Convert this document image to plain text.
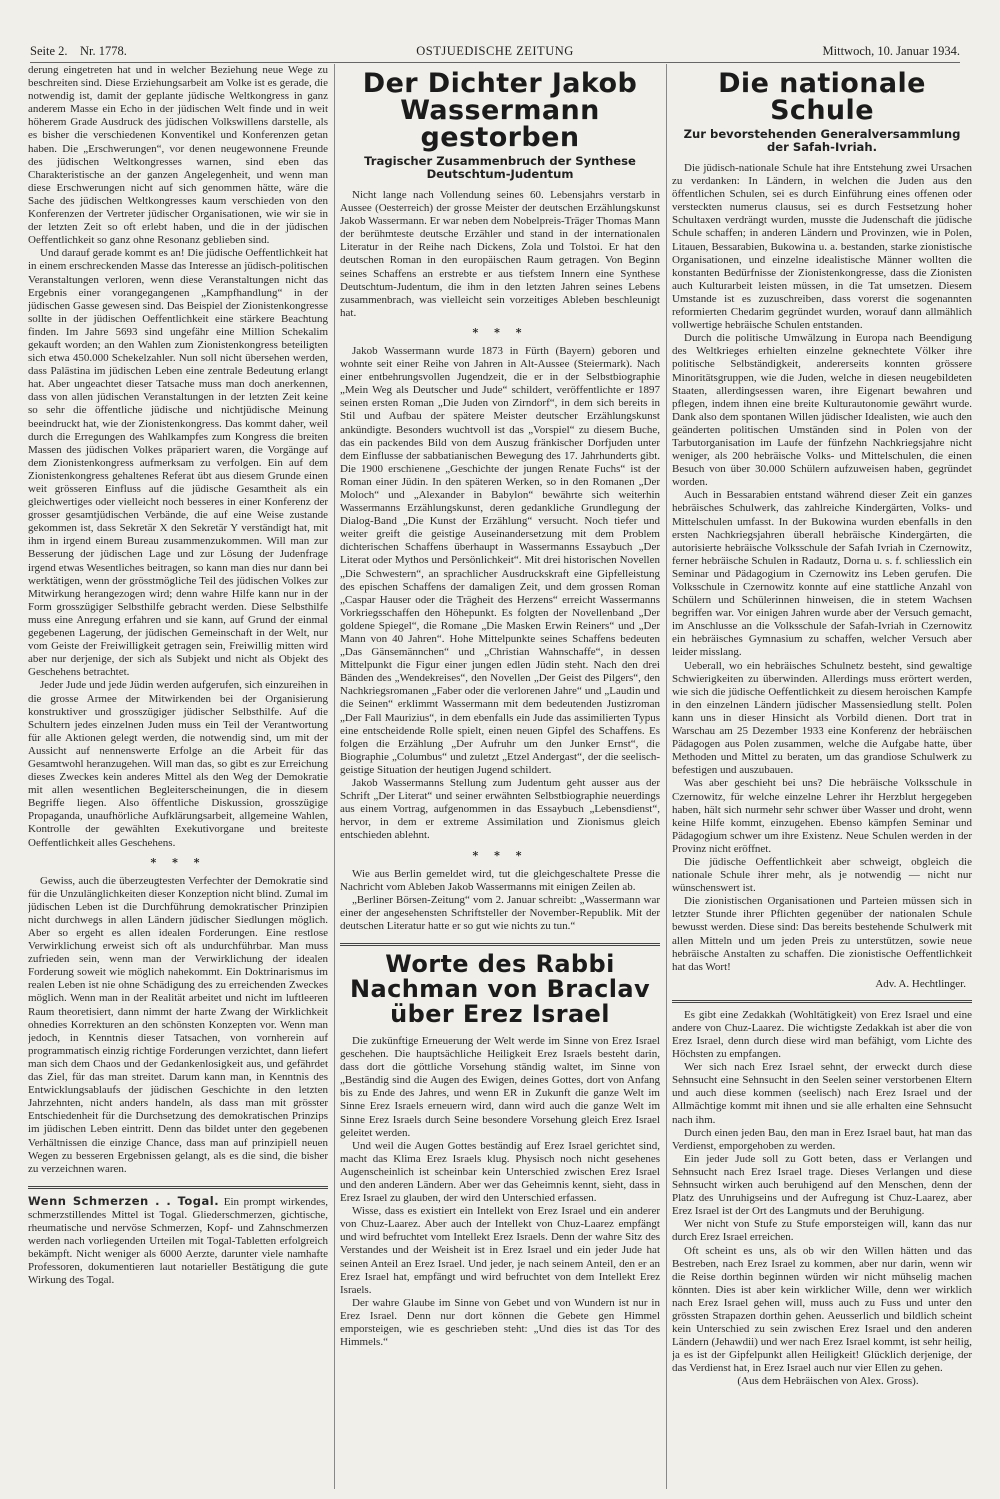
Seite 2. Nr. 1778.	OSTJUEDISCHE ZEITUNG	Mittwoch, 10. Januar 1934.

derung eingetreten hat und in welcher Beziehung neue Wege zu beschreiten sind. Diese Erziehungsarbeit am Volke ist es gerade, die notwendig ist, damit der geplante jüdische Weltkongress in ganz anderem Masse ein Echo in der jüdischen Welt finde und in weit höherem Grade Ausdruck des jüdischen Volkswillens darstelle, als es bisher die verschiedenen Konventikel und Konferenzen getan haben. Die „Erschwerungen“, vor denen neugewonnene Freunde des jüdischen Weltkongresses warnen, sind eben das Charakteristische an der ganzen Angelegenheit, und wenn man diese Erschwerungen nicht auf sich genommen hätte, wäre die Sache des jüdischen Weltkongresses kaum verschieden von den Konferenzen der Vertreter jüdischer Organisationen, wie wir sie in der letzten Zeit so oft erlebt haben, und die in der jüdischen Oeffentlichkeit so ganz ohne Resonanz geblieben sind.

Und darauf gerade kommt es an! Die jüdische Oeffentlichkeit hat in einem erschreckenden Masse das Interesse an jüdisch-politischen Veranstaltungen verloren, wenn diese Veranstaltungen nicht das Ergebnis einer vorangegangenen „Kampfhandlung“ in der jüdischen Gasse gewesen sind. Das Beispiel der Zionistenkongresse sollte in der jüdischen Oeffentlichkeit eine stärkere Beachtung finden. Im Jahre 5693 sind ungefähr eine Million Schekalim gekauft worden; an den Wahlen zum Zionistenkongress beteiligten sich etwa 450.000 Schekelzahler. Nun soll nicht übersehen werden, dass Palästina im jüdischen Leben eine zentrale Bedeutung erlangt hat. Aber ungeachtet dieser Tatsache muss man doch anerkennen, dass von allen jüdischen Veranstaltungen in der letzten Zeit keine so sehr die öffentliche jüdische und nichtjüdische Meinung beeindruckt hat, wie der Zionistenkongress. Das kommt daher, weil durch die Erregungen des Wahlkampfes zum Kongress die breiten Massen des jüdischen Volkes präpariert waren, die Vorgänge auf dem Zionistenkongress aufmerksam zu verfolgen. Ein auf dem Zionistenkongress gehaltenes Referat übt aus diesem Grunde einen weit grösseren Einfluss auf die jüdische Gesamtheit als ein gleichwertiges oder vielleicht noch besseres in einer Konferenz der grosser gesamtjüdischen Verbände, die auf eine Weise zustande gekommen ist, dass Sekretär X den Sekretär Y verständigt hat, mit ihm in irgend einem Bureau zusammenzukommen. Will man zur Besserung der jüdischen Lage und zur Lösung der Judenfrage irgend etwas Wesentliches beitragen, so kann man dies nur dann bei werktätigen, wenn der grösstmögliche Teil des jüdischen Volkes zur Mitwirkung herangezogen wird; denn wahre Hilfe kann nur in der Form grosszügiger Selbsthilfe gebracht werden. Diese Selbsthilfe muss eine Anregung erfahren und sie kann, auf Grund der einmal gegebenen Lagerung, der jüdischen Gemeinschaft in der Welt, nur vom Geiste der Freiwilligkeit getragen sein, Freiwillig mitten wird aber nur derjenige, der sich als Subjekt und nicht als Objekt des Geschehens betrachtet.

Jeder Jude und jede Jüdin werden aufgerufen, sich einzureihen in die grosse Armee der Mitwirkenden bei der Organisierung konstruktiver und grosszügiger jüdischer Selbsthilfe. Auf die Schultern jedes einzelnen Juden muss ein Teil der Verantwortung für alle Aktionen gelegt werden, die notwendig sind, um mit der Aussicht auf nennenswerte Erfolge an die Arbeit für das Gesamtwohl heranzugehen. Will man das, so gibt es zur Erreichung dieses Zweckes kein anderes Mittel als den Weg der Demokratie mit allen wesentlichen Begleiterscheinungen, die in diesem Begriffe liegen. Also öffentliche Diskussion, grosszügige Propaganda, unaufhörliche Aufklärungsarbeit, allgemeine Wahlen, Kontrolle der gewählten Exekutivorgane und breiteste Oeffentlichkeit alles Geschehens.

* * *

Gewiss, auch die überzeugtesten Verfechter der Demokratie sind für die Unzulänglichkeiten dieser Konzeption nicht blind. Zumal im jüdischen Leben ist die Durchführung demokratischer Prinzipien nicht durchwegs in allen Ländern jüdischer Siedlungen möglich. Aber so ergeht es allen idealen Forderungen. Eine restlose Verwirklichung erweist sich oft als undurchführbar. Man muss zufrieden sein, wenn man der Verwirklichung der idealen Forderung soweit wie möglich nahekommt. Ein Doktrinarismus im realen Leben ist nie ohne Schädigung des zu erreichenden Zweckes möglich. Wenn man in der Realität arbeitet und nicht im luftleeren Raum theoretisiert, dann nimmt der harte Zwang der Wirklichkeit ohnedies Korrekturen an den schönsten Konzepten vor. Wenn man jedoch, in Kenntnis dieser Tatsachen, von vornherein auf programmatisch einzig richtige Forderungen verzichtet, dann liefert man sich dem Chaos und der Gedankenlosigkeit aus, und gefährdet das Ziel, für das man streitet. Darum kann man, in Kenntnis des Entwicklungsablaufs der jüdischen Geschichte in den letzten Jahrzehnten, nicht anders handeln, als dass man mit grösster Entschiedenheit für die Durchsetzung des demokratischen Prinzips im jüdischen Leben eintritt. Denn das bildet unter den gegebenen Verhältnissen die einzige Chance, dass man auf prinzipiell neuen Wegen zu besseren Ergebnissen gelangt, als es die sind, die bisher zu verzeichnen waren.

Wenn Schmerzen . . Togal. Ein prompt wirkendes, schmerzstillendes Mittel ist Togal. Gliederschmerzen, gichtische, rheumatische und nervöse Schmerzen, Kopf- und Zahnschmerzen werden nach vorliegenden Urteilen mit Togal-Tabletten erfolgreich bekämpft. Nicht weniger als 6000 Aerzte, darunter viele namhafte Professoren, dokumentieren laut notarieller Bestätigung die gute Wirkung des Togal.

Der Dichter Jakob Wassermann gestorben
Tragischer Zusammenbruch der Synthese Deutschtum-Judentum

Nicht lange nach Vollendung seines 60. Lebensjahrs verstarb in Aussee (Oesterreich) der grosse Meister der deutschen Erzählungskunst Jakob Wassermann. Er war neben dem Nobelpreis-Träger Thomas Mann der berühmteste deutsche Erzähler und stand in der internationalen Literatur in der Reihe nach Dickens, Zola und Tolstoi. Er hat den deutschen Roman in den europäischen Raum getragen. Von Beginn seines Schaffens an erstrebte er aus tiefstem Innern eine Synthese Deutschtum-Judentum, die ihm in den letzten Jahren seines Lebens zusammenbrach, was vielleicht sein vorzeitiges Ableben beschleunigt hat.

* * *

Jakob Wassermann wurde 1873 in Fürth (Bayern) geboren und wohnte seit einer Reihe von Jahren in Alt-Aussee (Steiermark). Nach einer entbehrungsvollen Jugendzeit, die er in der Selbstbiographie „Mein Weg als Deutscher und Jude“ schildert, veröffentlichte er 1897 seinen ersten Roman „Die Juden von Zirndorf“, in dem sich bereits in Stil und Aufbau der spätere Meister deutscher Erzählungskunst ankündigte. Besonders wuchtvoll ist das „Vorspiel“ zu diesem Buche, das ein packendes Bild von dem Auszug fränkischer Dorfjuden unter dem Einflusse der sabbatianischen Bewegung des 17. Jahrhunderts gibt. Die 1900 erschienene „Geschichte der jungen Renate Fuchs“ ist der Roman einer Jüdin. In den späteren Werken, so in den Romanen „Der Moloch“ und „Alexander in Babylon“ bewährte sich weiterhin Wassermanns Erzählungskunst, deren gedankliche Grundlegung der Dialog-Band „Die Kunst der Erzählung“ versucht. Noch tiefer und weiter greift die geistige Auseinandersetzung mit dem Problem dichterischen Schaffens überhaupt in Wassermanns Essaybuch „Der Literat oder Mythos und Persönlichkeit“. Mit drei historischen Novellen „Die Schwestern“, an sprachlicher Ausdruckskraft eine Gipfelleistung des epischen Schaffens der damaligen Zeit, und dem grossen Roman „Caspar Hauser oder die Trägheit des Herzens“ erreicht Wassermanns Vorkriegsschaffen den Höhepunkt. Es folgten der Novellenband „Der goldene Spiegel“, die Romane „Die Masken Erwin Reiners“ und „Der Mann von 40 Jahren“. Hohe Mittelpunkte seines Schaffens bedeuten „Das Gänsemännchen“ und „Christian Wahnschaffe“, in dessen Mittelpunkt die Figur einer jungen edlen Jüdin steht. Nach den drei Bänden des „Wendekreises“, den Novellen „Der Geist des Pilgers“, den Nachkriegsromanen „Faber oder die verlorenen Jahre“ und „Laudin und die Seinen“ erklimmt Wassermann mit dem bedeutenden Justizroman „Der Fall Maurizius“, in dem ebenfalls ein Jude das assimilierten Typus eine entscheidende Rolle spielt, einen neuen Gipfel des Schaffens. Es folgen die Erzählung „Der Aufruhr um den Junker Ernst“, die Biographie „Columbus“ und zuletzt „Etzel Andergast“, der die seelisch-geistige Situation der heutigen Jugend schildert.

Jakob Wassermanns Stellung zum Judentum geht ausser aus der Schrift „Der Literat“ und seiner erwähnten Selbstbiographie neuerdings aus einem Vortrag, aufgenommen in das Essaybuch „Lebensdienst“, hervor, in dem er extreme Assimilation und Zionismus gleich entschieden ablehnt.

* * *

Wie aus Berlin gemeldet wird, tut die gleichgeschaltete Presse die Nachricht vom Ableben Jakob Wassermanns mit einigen Zeilen ab.

„Berliner Börsen-Zeitung“ vom 2. Januar schreibt: „Wassermann war einer der angesehensten Schriftsteller der November-Republik. Mit der deutschen Literatur hatte er so gut wie nichts zu tun.“

Worte des Rabbi Nachman von Braclav über Erez Israel

Die zukünftige Erneuerung der Welt werde im Sinne von Erez Israel geschehen. Die hauptsächliche Heiligkeit Erez Israels besteht darin, dass dort die göttliche Vorsehung ständig waltet, im Sinne von „Beständig sind die Augen des Ewigen, deines Gottes, dort von Anfang bis zu Ende des Jahres, und wenn ER in Zukunft die ganze Welt im Sinne Erez Israels erneuern wird, dann wird auch die ganze Welt im Sinne Erez Israels durch Seine besondere Vorsehung gleich Erez Israel geleitet werden.

Und weil die Augen Gottes beständig auf Erez Israel gerichtet sind, macht das Klima Erez Israels klug. Physisch noch nicht gesehenes Augenscheinlich ist scheinbar kein Unterschied zwischen Erez Israel und den anderen Ländern. Aber wer das Geheimnis kennt, sieht, dass in Erez Israel zu glauben, der wird den Unterschied erfassen.

Wisse, dass es existiert ein Intellekt von Erez Israel und ein anderer von Chuz-Laarez. Aber auch der Intellekt von Chuz-Laarez empfängt und wird befruchtet vom Intellekt Erez Israels. Denn der wahre Sitz des Verstandes und der Weisheit ist in Erez Israel und ein jeder Jude hat seinen Anteil an Erez Israel. Und jeder, je nach seinem Anteil, den er an Erez Israel hat, empfängt und wird befruchtet von dem Intellekt Erez Israels.

Der wahre Glaube im Sinne von Gebet und von Wundern ist nur in Erez Israel. Denn nur dort können die Gebete gen Himmel emporsteigen, wie es geschrieben steht: „Und dies ist das Tor des Himmels.“

Die nationale Schule
Zur bevorstehenden Generalversammlung der Safah-Ivriah.

Die jüdisch-nationale Schule hat ihre Entstehung zwei Ursachen zu verdanken: In Ländern, in welchen die Juden aus den öffentlichen Schulen, sei es durch Einführung eines offenen oder versteckten numerus clausus, sei es durch Festsetzung hoher Schultaxen verdrängt wurden, musste die Judenschaft die jüdische Schule schaffen; in anderen Ländern und Provinzen, wie in Polen, Litauen, Bessarabien, Bukowina u. a. bestanden, starke zionistische Organisationen, und einzelne idealistische Männer wollten die konstanten Bedürfnisse der Zionistenkongresse, dass die Zionisten auch Kulturarbeit leisten müssen, in die Tat umsetzen. Diesem Umstande ist es zuzuschreiben, dass vorerst die sogenannten reformierten Chedarim gegründet wurden, worauf dann allmählich vollwertige hebräische Schulen entstanden.

Durch die politische Umwälzung in Europa nach Beendigung des Weltkrieges erhielten einzelne geknechtete Völker ihre politische Selbständigkeit, andererseits konnten grössere Minoritätsgruppen, wie die Juden, welche in diesen neugebildeten Staaten, allerdingsessen waren, ihre Eigenart bewahren und pflegen, indem ihnen eine breite Kulturautonomie gewährt wurde. Dank also dem spontanen Willen jüdischer Idealisten, wie auch den geänderten politischen Umständen sind in Polen von der Tarbutorganisation im Laufe der fünfzehn Nachkriegsjahre nicht weniger, als 200 hebräische Volks- und Mittelschulen, die einen Besuch von über 30.000 Schülern aufzuweisen haben, gegründet worden.

Auch in Bessarabien entstand während dieser Zeit ein ganzes hebräisches Schulwerk, das zahlreiche Kindergärten, Volks- und Mittelschulen umfasst. In der Bukowina wurden ebenfalls in den ersten Nachkriegsjahren überall hebräische Kindergärten, die autorisierte hebräische Volksschule der Safah Ivriah in Czernowitz, ferner hebräische Schulen in Radautz, Dorna u. s. f. schliesslich ein Seminar und Pädagogium in Czernowitz ins Leben gerufen. Die Volksschule in Czernowitz konnte auf eine stattliche Anzahl von Schülern und Schülerinnen hinweisen, die in stetem Wachsen begriffen war. Vor einigen Jahren wurde aber der Versuch gemacht, im Anschlusse an die Volksschule der Safah-Ivriah in Czernowitz ein hebräisches Gymnasium zu schaffen, welcher Versuch aber leider misslang.

Ueberall, wo ein hebräisches Schulnetz besteht, sind gewaltige Schwierigkeiten zu überwinden. Allerdings muss erörtert werden, wie sich die jüdische Oeffentlichkeit zu diesem heroischen Kampfe in den einzelnen Ländern jüdischer Massensiedlung stellt. Polen kann uns in dieser Hinsicht als Vorbild dienen. Dort trat in Warschau am 25 Dezember 1933 eine Konferenz der hebräischen Pädagogen aus Polen zusammen, welche die Aufgabe hatte, über Methoden und Mittel zu beraten, um das grandiose Schulwerk zu befestigen und auszubauen.

Was aber geschieht bei uns? Die hebräische Volksschule in Czernowitz, für welche einzelne Lehrer ihr Herzblut hergegeben haben, hält sich nurmehr sehr schwer über Wasser und droht, wenn keine Hilfe kommt, einzugehen. Ebenso kämpfen Seminar und Pädagogium schwer um ihre Existenz. Neue Schulen werden in der Provinz nicht eröffnet.

Die jüdische Oeffentlichkeit aber schweigt, obgleich die nationale Schule ihrer mehr, als je notwendig — nicht nur wünschenswert ist.

Die zionistischen Organisationen und Parteien müssen sich in letzter Stunde ihrer Pflichten gegenüber der nationalen Schule bewusst werden. Diese sind: Das bereits bestehende Schulwerk mit allen Mitteln und um jeden Preis zu unterstützen, sowie neue hebräische Anstalten zu schaffen. Die zionistische Oeffentlichkeit hat das Wort!

Adv. A. Hechtlinger.

Es gibt eine Zedakkah (Wohltätigkeit) von Erez Israel und eine andere von Chuz-Laarez. Die wichtigste Zedakkah ist aber die von Erez Israel, denn durch diese wird man befähigt, vom Lichte des Höchsten zu empfangen.

Wer sich nach Erez Israel sehnt, der erweckt durch diese Sehnsucht eine Sehnsucht in den Seelen seiner verstorbenen Eltern und auch diese kommen (seelisch) nach Erez Israel und der Allmächtige kommt mit ihnen und sie alle erhalten eine Sehnsucht nach ihm.

Durch einen jeden Bau, den man in Erez Israel baut, hat man das Verdienst, emporgehoben zu werden.

Ein jeder Jude soll zu Gott beten, dass er Verlangen und Sehnsucht nach Erez Israel trage. Dieses Verlangen und diese Sehnsucht wirken auch beruhigend auf den Menschen, denn der Platz des Unruhigseins und der Aufregung ist Chuz-Laarez, aber Erez Israel ist der Ort des Langmuts und der Beruhigung.

Wer nicht von Stufe zu Stufe emporsteigen will, kann das nur durch Erez Israel erreichen.

Oft scheint es uns, als ob wir den Willen hätten und das Bestreben, nach Erez Israel zu kommen, aber nur darin, wenn wir die Reise dorthin beginnen würden wir nicht mühselig machen könnten. Dies ist aber kein wirklicher Wille, denn wer wirklich nach Erez Israel gehen will, muss auch zu Fuss und unter den grössten Strapazen dorthin gehen. Aeusserlich und bildlich scheint kein Unterschied zu sein zwischen Erez Israel und den anderen Ländern (Jehawdii) und wer nach Erez Israel kommt, ist sehr heilig, ja es ist der Gipfelpunkt allen Heiligkeit! Glücklich derjenige, der das Verdienst hat, in Erez Israel auch nur vier Ellen zu gehen.

(Aus dem Hebräischen von Alex. Gross).
